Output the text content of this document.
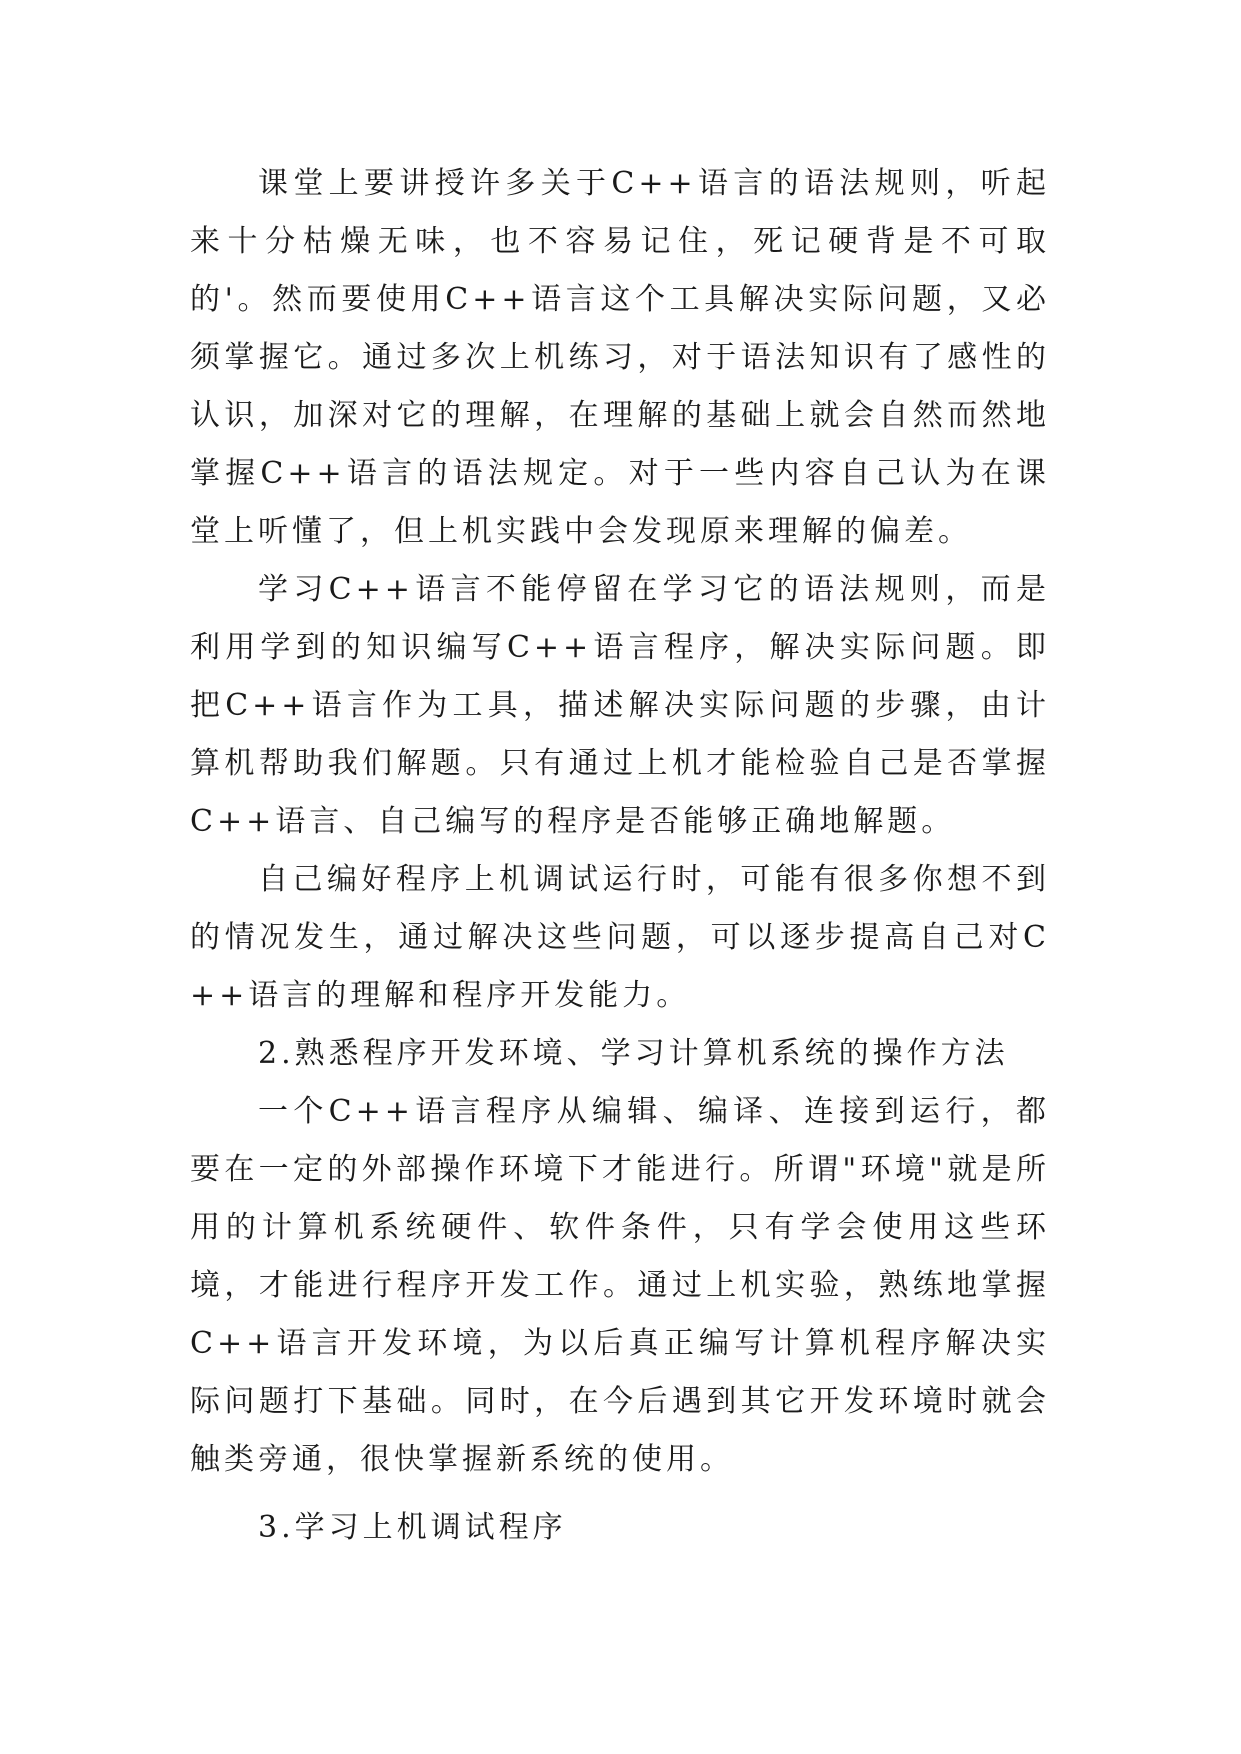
课堂上要讲授许多关于C++语言的语法规则，听起来十分枯燥无味，也不容易记住，死记硬背是不可取的'。然而要使用C++语言这个工具解决实际问题，又必须掌握它。通过多次上机练习，对于语法知识有了感性的认识，加深对它的理解，在理解的基础上就会自然而然地掌握C++语言的语法规定。对于一些内容自己认为在课堂上听懂了，但上机实践中会发现原来理解的偏差。

学习C++语言不能停留在学习它的语法规则，而是利用学到的知识编写C++语言程序，解决实际问题。即把C++语言作为工具，描述解决实际问题的步骤，由计算机帮助我们解题。只有通过上机才能检验自己是否掌握C++语言、自己编写的程序是否能够正确地解题。

自己编好程序上机调试运行时，可能有很多你想不到的情况发生，通过解决这些问题，可以逐步提高自己对C++语言的理解和程序开发能力。

2.熟悉程序开发环境、学习计算机系统的操作方法

一个C++语言程序从编辑、编译、连接到运行，都要在一定的外部操作环境下才能进行。所谓"环境"就是所用的计算机系统硬件、软件条件，只有学会使用这些环境，才能进行程序开发工作。通过上机实验，熟练地掌握C++语言开发环境，为以后真正编写计算机程序解决实际问题打下基础。同时，在今后遇到其它开发环境时就会触类旁通，很快掌握新系统的使用。

3.学习上机调试程序
